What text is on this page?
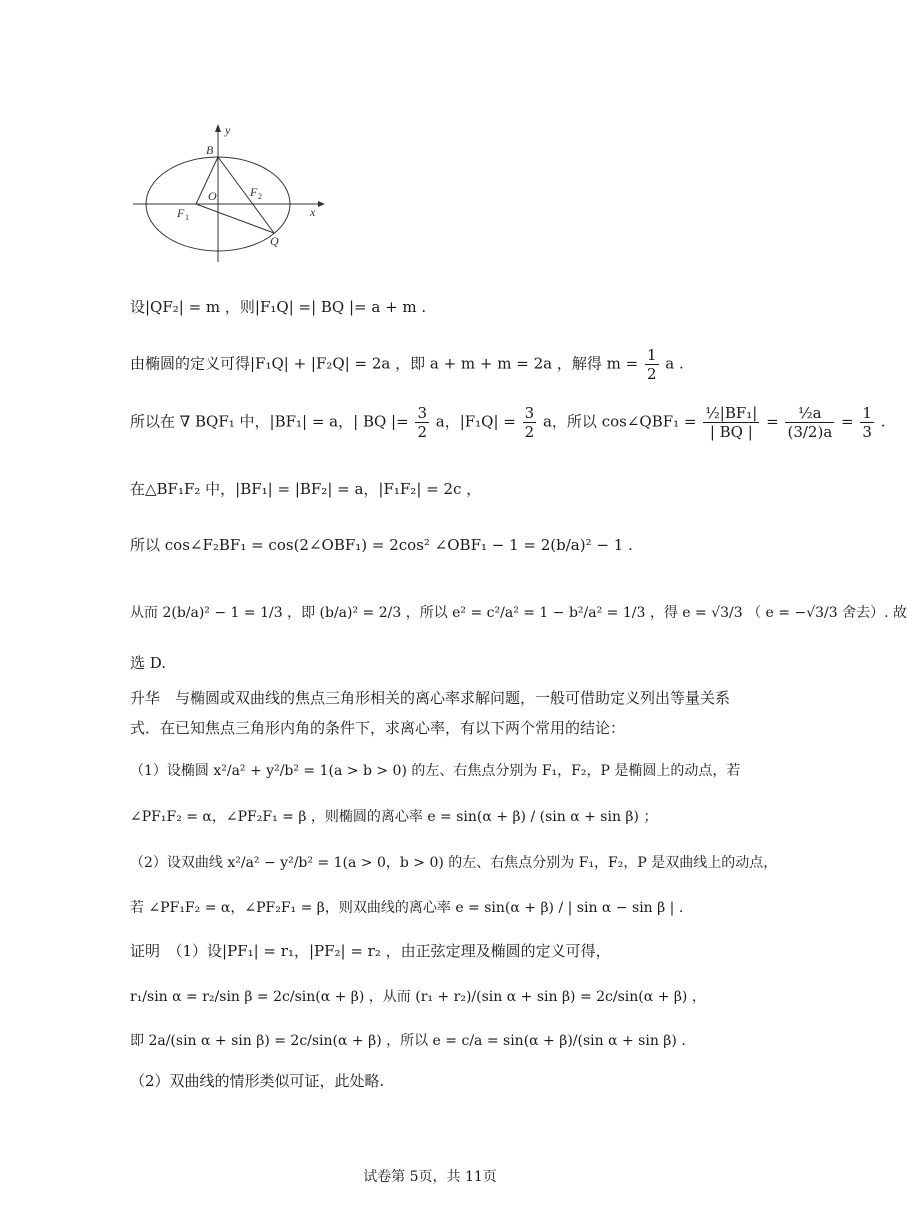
y
x
B
O
F 1
F 2
Q
设|QF₂| = m ，则|F₁Q| =| BQ |= a + m .
由椭圆的定义可得|F₁Q| + |F₂Q| = 2a ，即 a + m + m = 2a ，解得 $m = \frac{1}{2}$ a .
所以在 ∇ BQF₁ 中，|BF₁| = a，| BQ |= $\frac{3}{2}$ a，$|F_1Q| = \frac{3}{2}$ a，所以 cos∠QBF₁ = $\frac{\text{½|BF₁|}}{| BQ |} = \frac{\text{½a}}{(3/2)a} = \frac{1}{3}$ .
在△BF₁F₂ 中，|BF₁| = |BF₂| = a，|F₁F₂| = 2c ，
所以 cos∠F₂BF₁ = cos(2∠OBF₁) = 2cos² ∠OBF₁ − 1 = 2(b/a)² − 1 .
从而 2(b/a)² − 1 = 1/3 ，即 (b/a)² = 2/3 ，所以 e² = c²/a² = 1 − b²/a² = 1/3 ，得 e = √3/3 （ e = −√3/3 舍去）. 故
选 D.
升华　与椭圆或双曲线的焦点三角形相关的离心率求解问题，一般可借助定义列出等量关系式．在已知焦点三角形内角的条件下，求离心率，有以下两个常用的结论：
（1）设椭圆 x²/a² + y²/b² = 1(a > b > 0) 的左、右焦点分别为 F₁，F₂，P 是椭圆上的动点，若
∠PF₁F₂ = α，∠PF₂F₁ = β ，则椭圆的离心率 e = sin(α + β) / (sin α + sin β) ；
（2）设双曲线 x²/a² − y²/b² = 1(a > 0，b > 0) 的左、右焦点分别为 F₁，F₂，P 是双曲线上的动点，
若 ∠PF₁F₂ = α，∠PF₂F₁ = β，则双曲线的离心率 e = sin(α + β) / | sin α − sin β | .
证明　（1）设|PF₁| = r₁，|PF₂| = r₂ ，由正弦定理及椭圆的定义可得，
r₁/sin α = r₂/sin β = 2c/sin(α + β) ，从而 (r₁ + r₂)/(sin α + sin β) = 2c/sin(α + β) ，
即 2a/(sin α + sin β) = 2c/sin(α + β) ，所以 e = c/a = sin(α + β)/(sin α + sin β) .
（2）双曲线的情形类似可证，此处略.
试卷第 5页，共 11页
